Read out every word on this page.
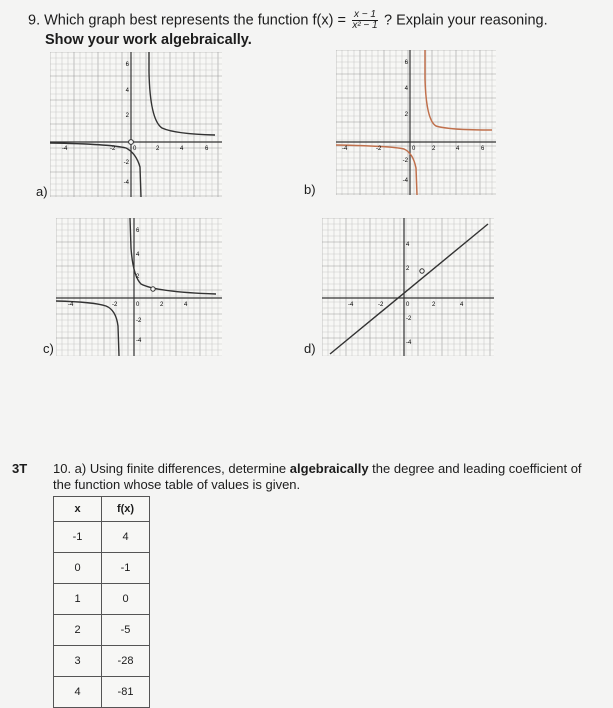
9. Which graph best represents the function $f(x) = \frac{x - 1}{\text{x² − 1}}$ ? Explain your reasoning.
Show your work algebraically.
6
4
2
-2
-4
-4	-2	0	2	4	6
a)
6
4
2
-2
-4
-4	-2	0	2	4	6
b)
6
4
2
-2
-4
-4	-2	0	2	4
c)
4
2
-2
-4
-4	-2	0	2	4
d)
3T 10. a) Using finite differences, determine algebraically the degree and leading coefficient of the function whose table of values is given.
x	f(x)
-1	4
0	-1
1	0
2	-5
3	-28
4	-81
